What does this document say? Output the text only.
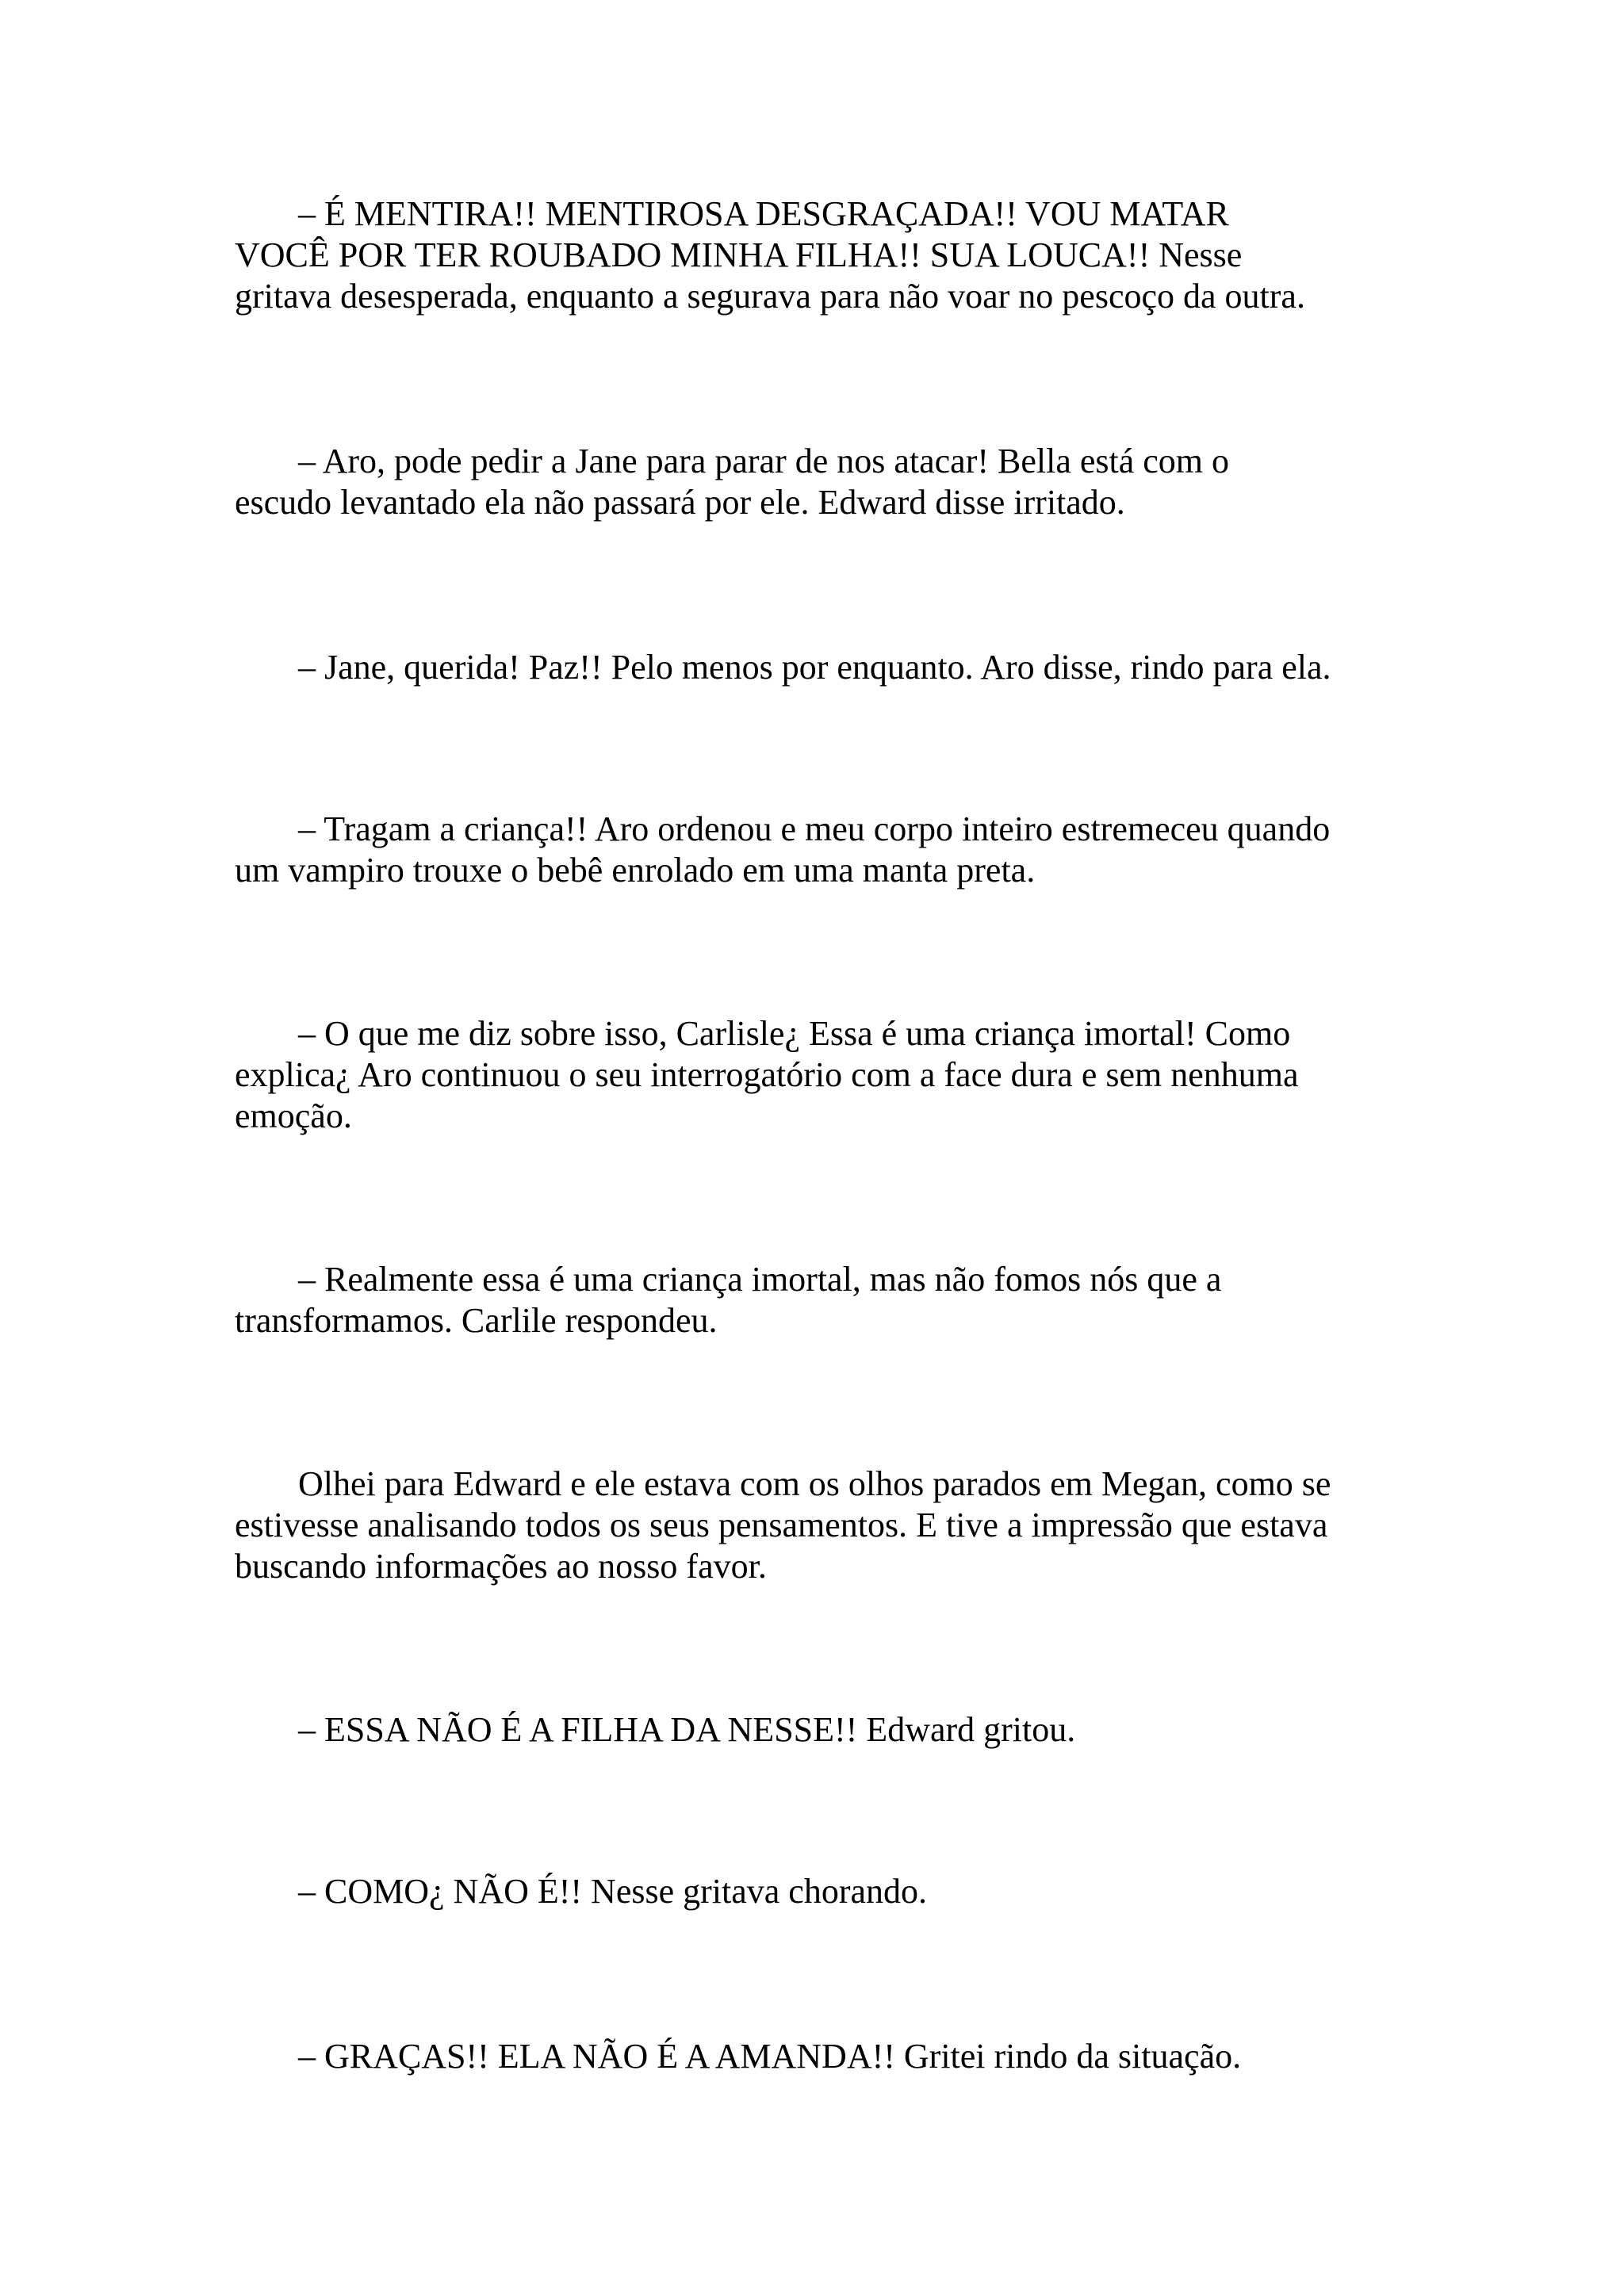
– É MENTIRA!! MENTIROSA DESGRAÇADA!! VOU MATAR
VOCÊ POR TER ROUBADO MINHA FILHA!! SUA LOUCA!! Nesse
gritava desesperada, enquanto a segurava para não voar no pescoço da outra.

– Aro, pode pedir a Jane para parar de nos atacar! Bella está com o
escudo levantado ela não passará por ele. Edward disse irritado.

– Jane, querida! Paz!! Pelo menos por enquanto. Aro disse, rindo para ela.

– Tragam a criança!! Aro ordenou e meu corpo inteiro estremeceu quando
um vampiro trouxe o bebê enrolado em uma manta preta.

– O que me diz sobre isso, Carlisle¿ Essa é uma criança imortal! Como
explica¿ Aro continuou o seu interrogatório com a face dura e sem nenhuma
emoção.

– Realmente essa é uma criança imortal, mas não fomos nós que a
transformamos. Carlile respondeu.

Olhei para Edward e ele estava com os olhos parados em Megan, como se
estivesse analisando todos os seus pensamentos. E tive a impressão que estava
buscando informações ao nosso favor.

– ESSA NÃO É A FILHA DA NESSE!! Edward gritou.

– COMO¿ NÃO É!! Nesse gritava chorando.

– GRAÇAS!! ELA NÃO É A AMANDA!! Gritei rindo da situação.
